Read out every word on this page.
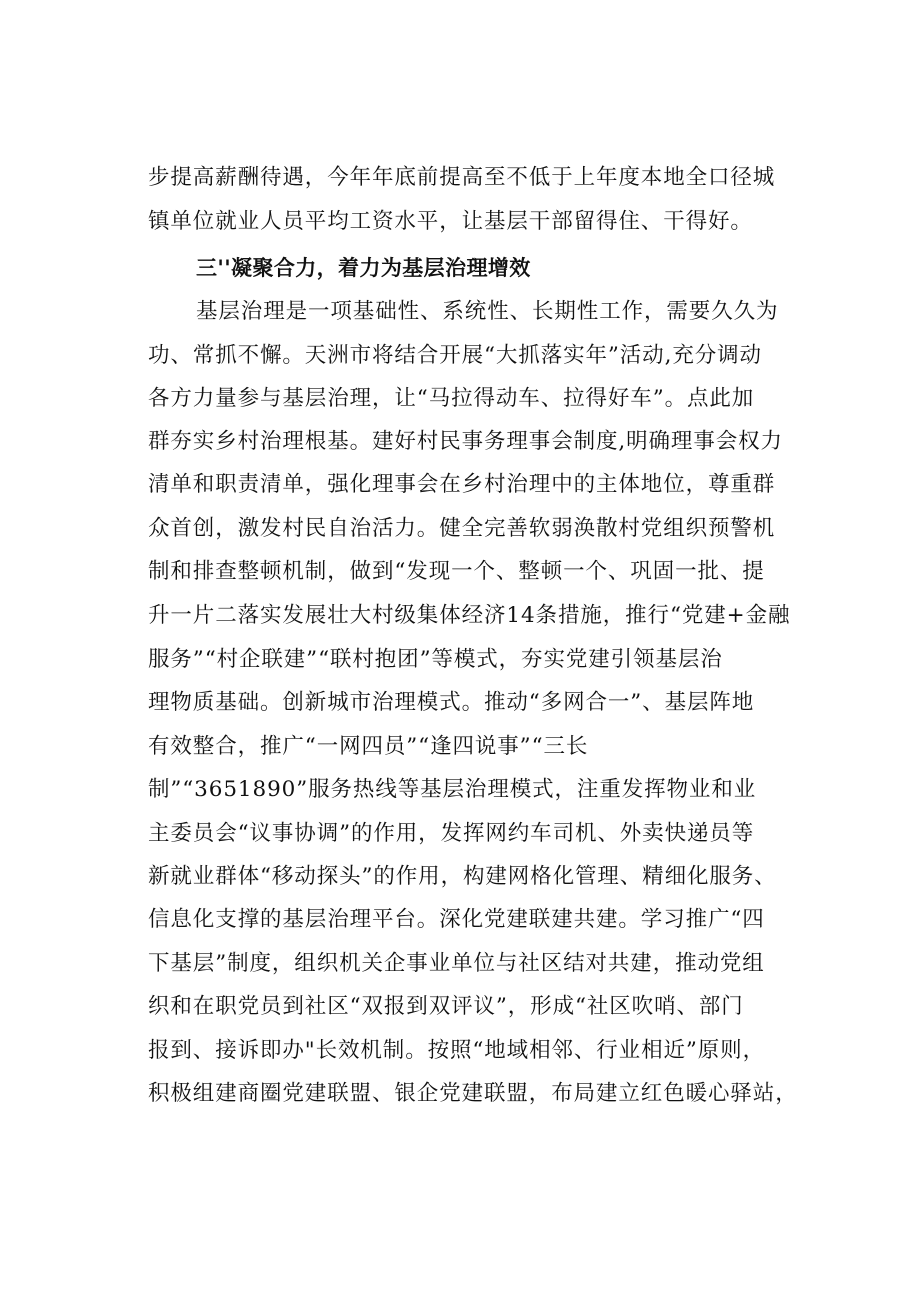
步提高薪酬待遇，今年年底前提高至不低于上年度本地全口径城
镇单位就业人员平均工资水平，让基层干部留得住、干得好。
三''凝聚合力，着力为基层治理增效
基层治理是一项基础性、系统性、长期性工作，需要久久为
功、常抓不懈。天洲市将结合开展“大抓落实年”活动,充分调动
各方力量参与基层治理，让“马拉得动车、拉得好车”。点此加
群夯实乡村治理根基。建好村民事务理事会制度,明确理事会权力
清单和职责清单，强化理事会在乡村治理中的主体地位，尊重群
众首创，激发村民自治活力。健全完善软弱涣散村党组织预警机
制和排查整顿机制，做到“发现一个、整顿一个、巩固一批、提
升一片二落实发展壮大村级集体经济14条措施，推行“党建+金融
服务”“村企联建”“联村抱团”等模式，夯实党建引领基层治
理物质基础。创新城市治理模式。推动“多网合一”、基层阵地
有效整合，推广“一网四员”“逢四说事”“三长
制”“3651890”服务热线等基层治理模式，注重发挥物业和业
主委员会“议事协调”的作用，发挥网约车司机、外卖快递员等
新就业群体“移动探头”的作用，构建网格化管理、精细化服务、
信息化支撑的基层治理平台。深化党建联建共建。学习推广“四
下基层”制度，组织机关企事业单位与社区结对共建，推动党组
织和在职党员到社区“双报到双评议”，形成“社区吹哨、部门
报到、接诉即办"长效机制。按照“地域相邻、行业相近”原则，
积极组建商圈党建联盟、银企党建联盟，布局建立红色暖心驿站，
